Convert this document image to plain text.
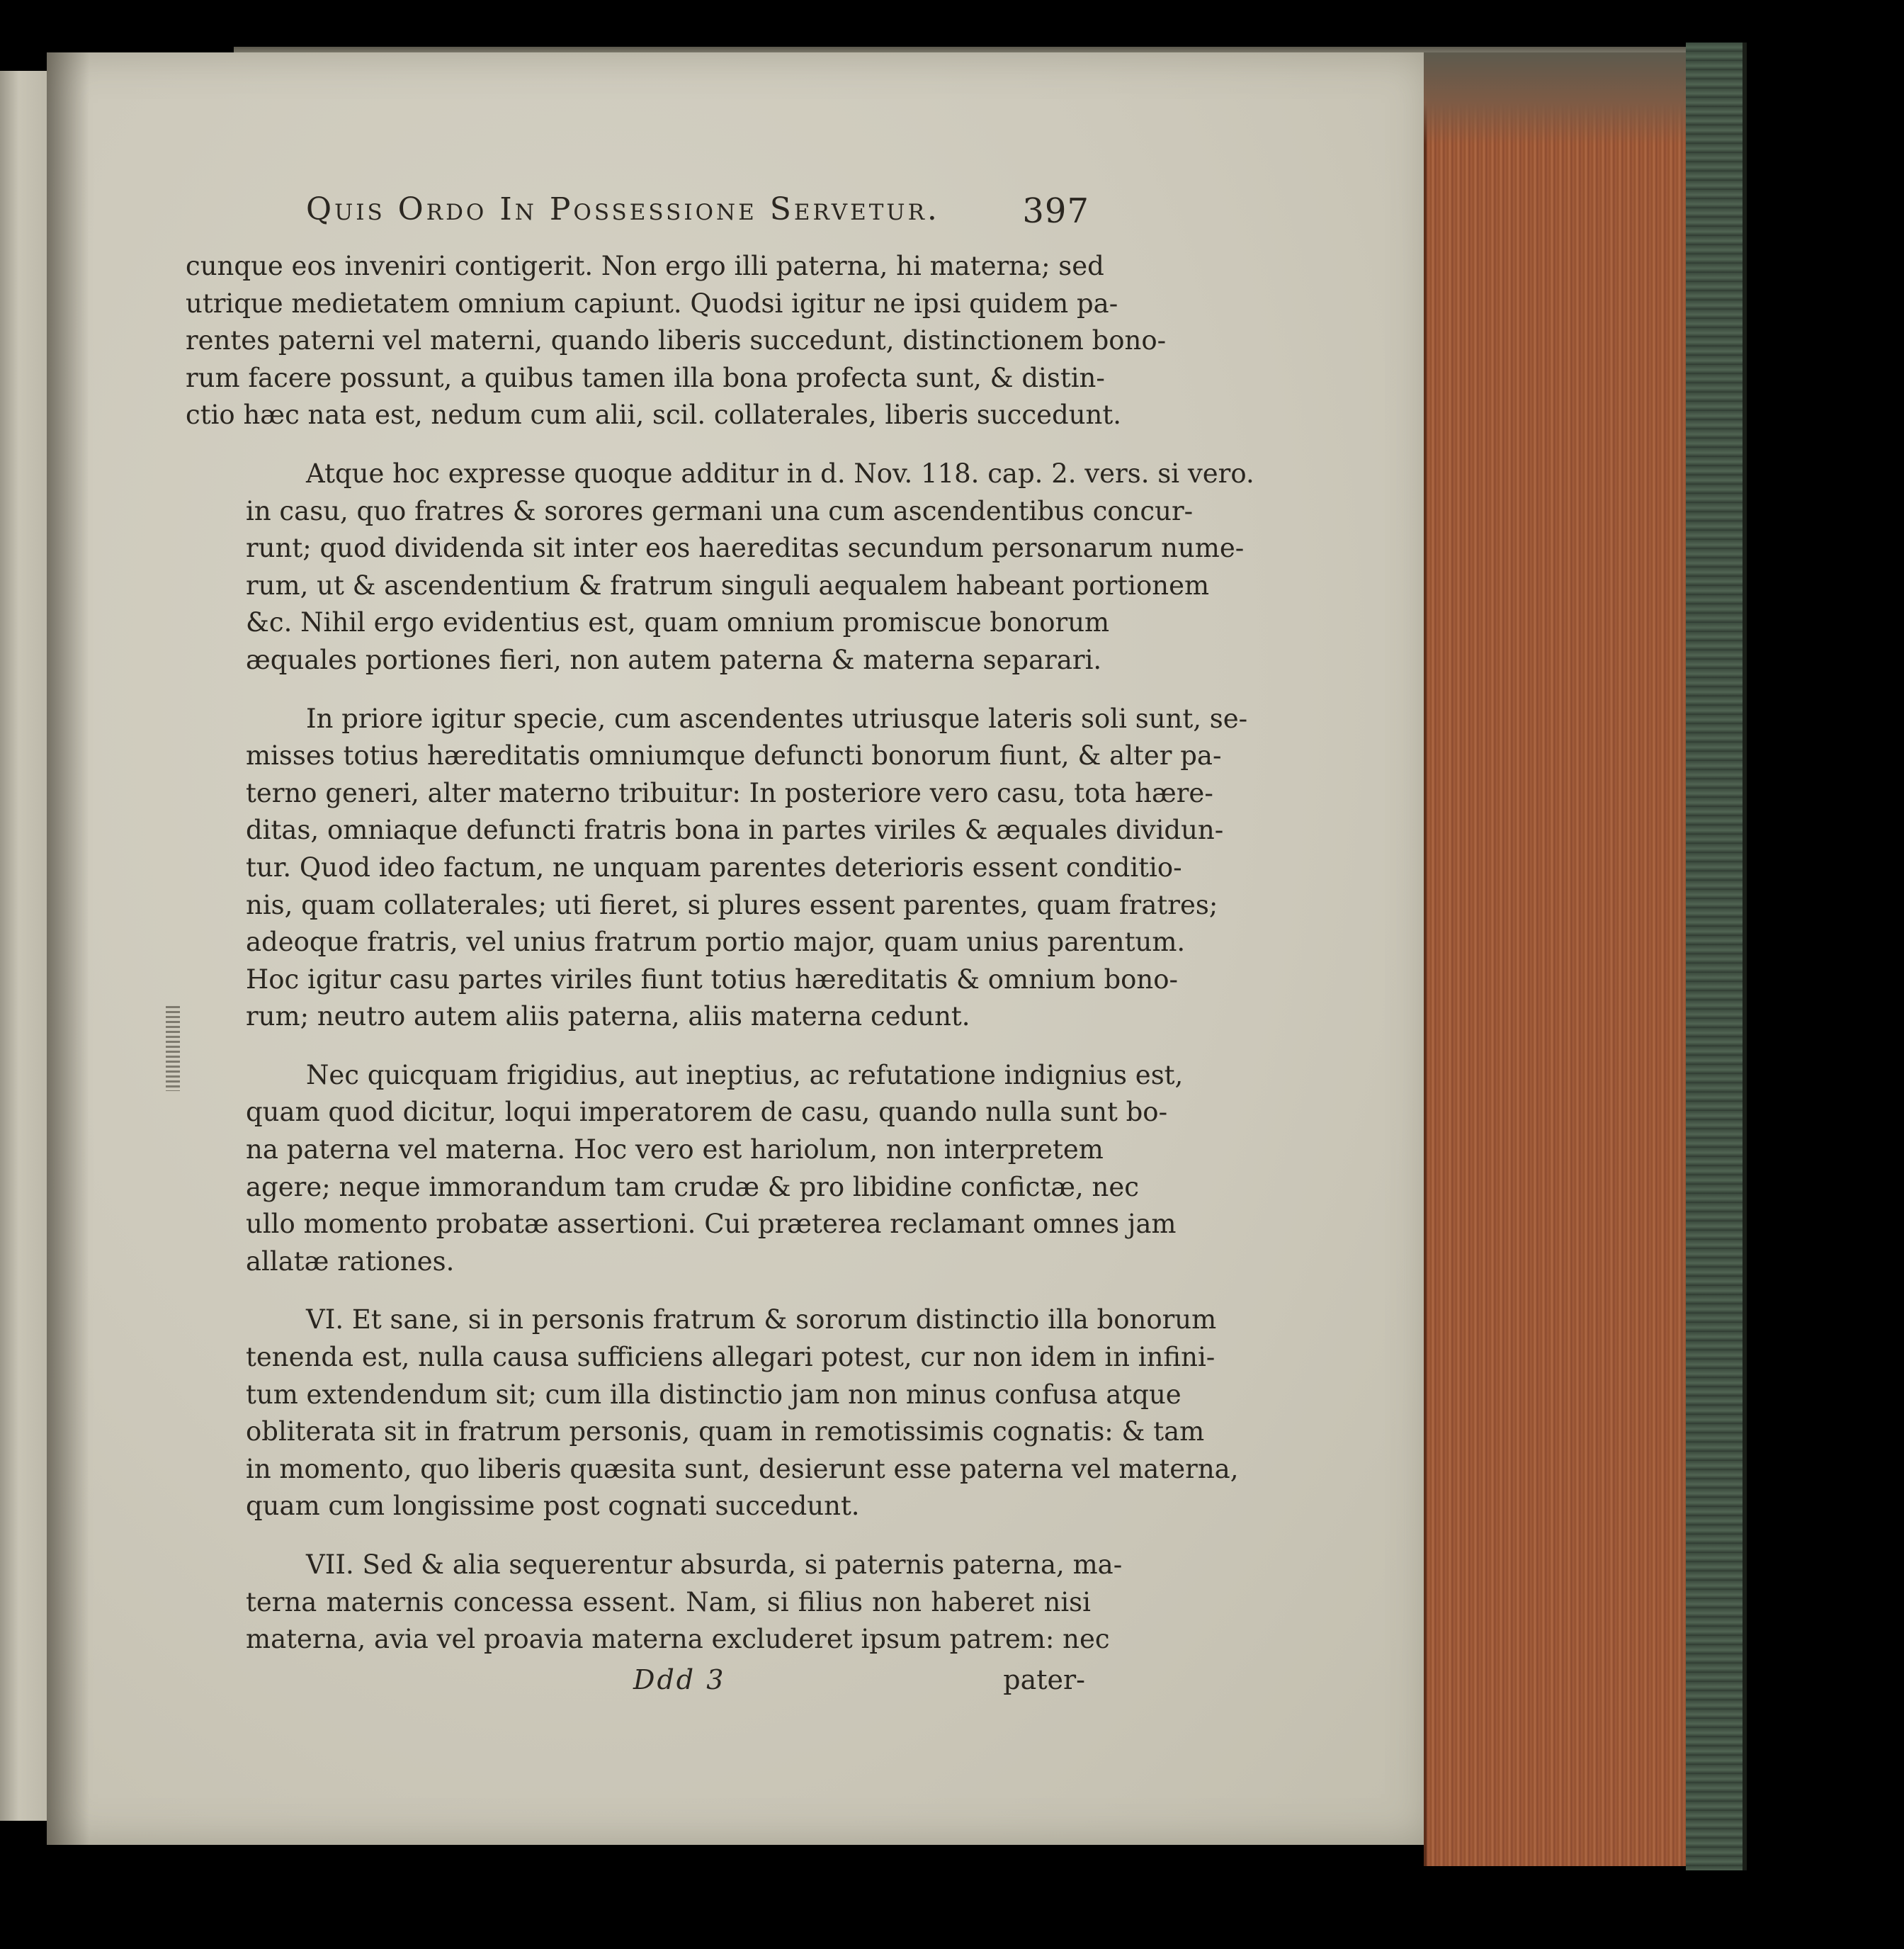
Quis Ordo In Possessione Servetur. 397
cunque eos inveniri contigerit. Non ergo illi paterna, hi materna; sed
utrique medietatem omnium capiunt. Quodsi igitur ne ipsi quidem pa-
rentes paterni vel materni, quando liberis succedunt, distinctionem bono-
rum facere possunt, a quibus tamen illa bona profecta sunt, & distin-
ctio hæc nata est, nedum cum alii, scil. collaterales, liberis succedunt.
Atque hoc expresse quoque additur in d. Nov. 118. cap. 2. vers. si vero.
in casu, quo fratres & sorores germani una cum ascendentibus concur-
runt; quod dividenda sit inter eos haereditas secundum personarum nume-
rum, ut & ascendentium & fratrum singuli aequalem habeant portionem
&c. Nihil ergo evidentius est, quam omnium promiscue bonorum
æquales portiones fieri, non autem paterna & materna separari.
In priore igitur specie, cum ascendentes utriusque lateris soli sunt, se-
misses totius hæreditatis omniumque defuncti bonorum fiunt, & alter pa-
terno generi, alter materno tribuitur: In posteriore vero casu, tota hære-
ditas, omniaque defuncti fratris bona in partes viriles & æquales dividun-
tur. Quod ideo factum, ne unquam parentes deterioris essent conditio-
nis, quam collaterales; uti fieret, si plures essent parentes, quam fratres;
adeoque fratris, vel unius fratrum portio major, quam unius parentum.
Hoc igitur casu partes viriles fiunt totius hæreditatis & omnium bono-
rum; neutro autem aliis paterna, aliis materna cedunt.
Nec quicquam frigidius, aut ineptius, ac refutatione indignius est,
quam quod dicitur, loqui imperatorem de casu, quando nulla sunt bo-
na paterna vel materna. Hoc vero est hariolum, non interpretem
agere; neque immorandum tam crudæ & pro libidine confictæ, nec
ullo momento probatæ assertioni. Cui præterea reclamant omnes jam
allatæ rationes.
VI. Et sane, si in personis fratrum & sororum distinctio illa bonorum
tenenda est, nulla causa sufficiens allegari potest, cur non idem in infini-
tum extendendum sit; cum illa distinctio jam non minus confusa atque
obliterata sit in fratrum personis, quam in remotissimis cognatis: & tam
in momento, quo liberis quæsita sunt, desierunt esse paterna vel materna,
quam cum longissime post cognati succedunt.
VII. Sed & alia sequerentur absurda, si paternis paterna, ma-
terna maternis concessa essent. Nam, si filius non haberet nisi
materna, avia vel proavia materna excluderet ipsum patrem: nec
Ddd 3	pater-
